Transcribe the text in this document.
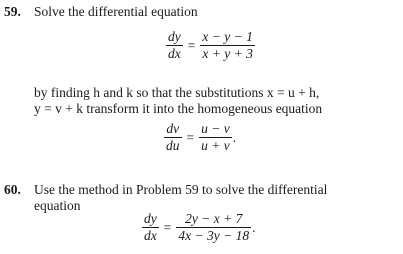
59. Solve the differential equation
$\frac{dy}{dx} = \frac{x - y - 1}{x + y + 3}$
by finding h and k so that the substitutions x = u + h,
y = v + k transform it into the homogeneous equation
$\frac{dv}{du} = \frac{u - v}{u + v}$ .
60. Use the method in Problem 59 to solve the differential
equation
$\frac{dy}{dx} = \frac{2y - x + 7}{4x - 3y - 18}$ .
